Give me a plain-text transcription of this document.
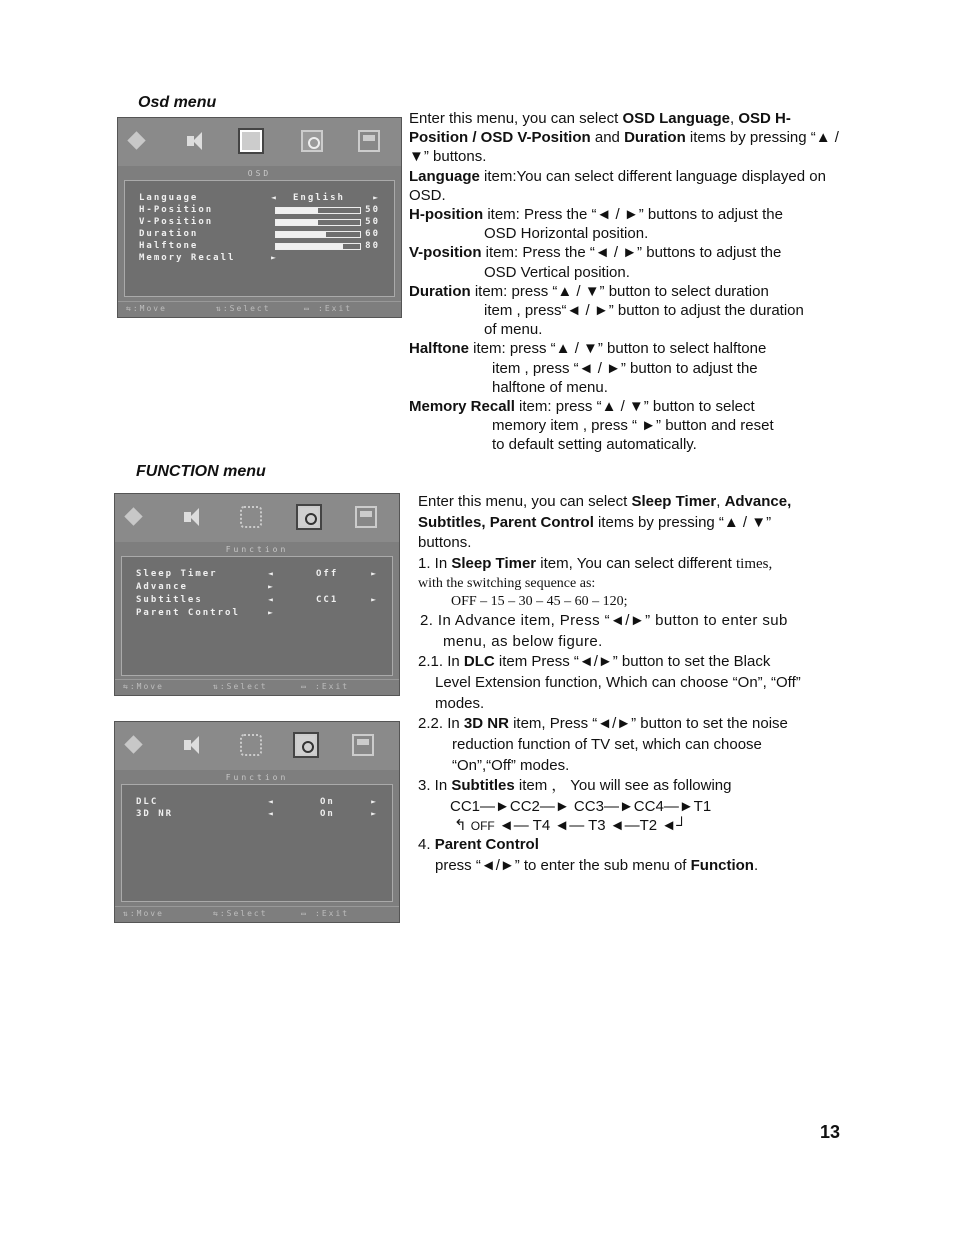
Osd menu
OSD
Language	◄ English	►
H-Position	50
V-Position	50
Duration	60
Halftone	80
Memory Recall	►
⇆:Move	⇅:Select	▭ :Exit

Enter this menu, you can select OSD Language, OSD H-Position / OSD V-Position and Duration items by pressing “▲ / ▼” buttons.

Language item:You can select different language displayed on OSD.

H-position item: Press the “◄ / ►” buttons to adjust the

OSD Horizontal position.

V-position item: Press the “◄ / ►” buttons to adjust the

OSD Vertical position.

Duration item: press “▲ / ▼” button to select duration

item , press“◄ / ►” button to adjust the duration

of menu.

Halftone item: press “▲ / ▼” button to select halftone

item , press “◄ / ►” button to adjust the

halftone of menu.

Memory Recall item: press “▲ / ▼” button to select

memory item , press “ ►” button and reset

to default setting automatically.

FUNCTION menu
Function
Sleep Timer	◄	Off	►
Advance	►
Subtitles	◄	CC1	►
Parent Control	►
⇆:Move	⇅:Select	▭ :Exit
Function
DLC	◄	On	►
3D NR	◄	On	►
⇅:Move	⇆:Select	▭ :Exit

Enter this menu, you can select Sleep Timer, Advance,

Subtitles, Parent Control items by pressing “▲ / ▼”

buttons.

1. In Sleep Timer item, You can select different times,

with the switching sequence as:

OFF – 15 – 30 – 45 – 60 – 120;

2. In Advance item, Press “◄/►” button to enter sub

menu, as below figure.

2.1. In DLC item Press “◄/►” button to set the Black

Level Extension function, Which can choose “On”, “Off”

modes.

2.2. In 3D NR item, Press “◄/►” button to set the noise

reduction function of TV set, which can choose

“On”,“Off” modes.

3. In Subtitles item ， You will see as following

CC1―►CC2―► CC3―►CC4―►T1
↰ OFF ◄― T4 ◄― T3 ◄―T2 ◄┘

4. Parent Control

press “◄/►” to enter the sub menu of Function.

13
